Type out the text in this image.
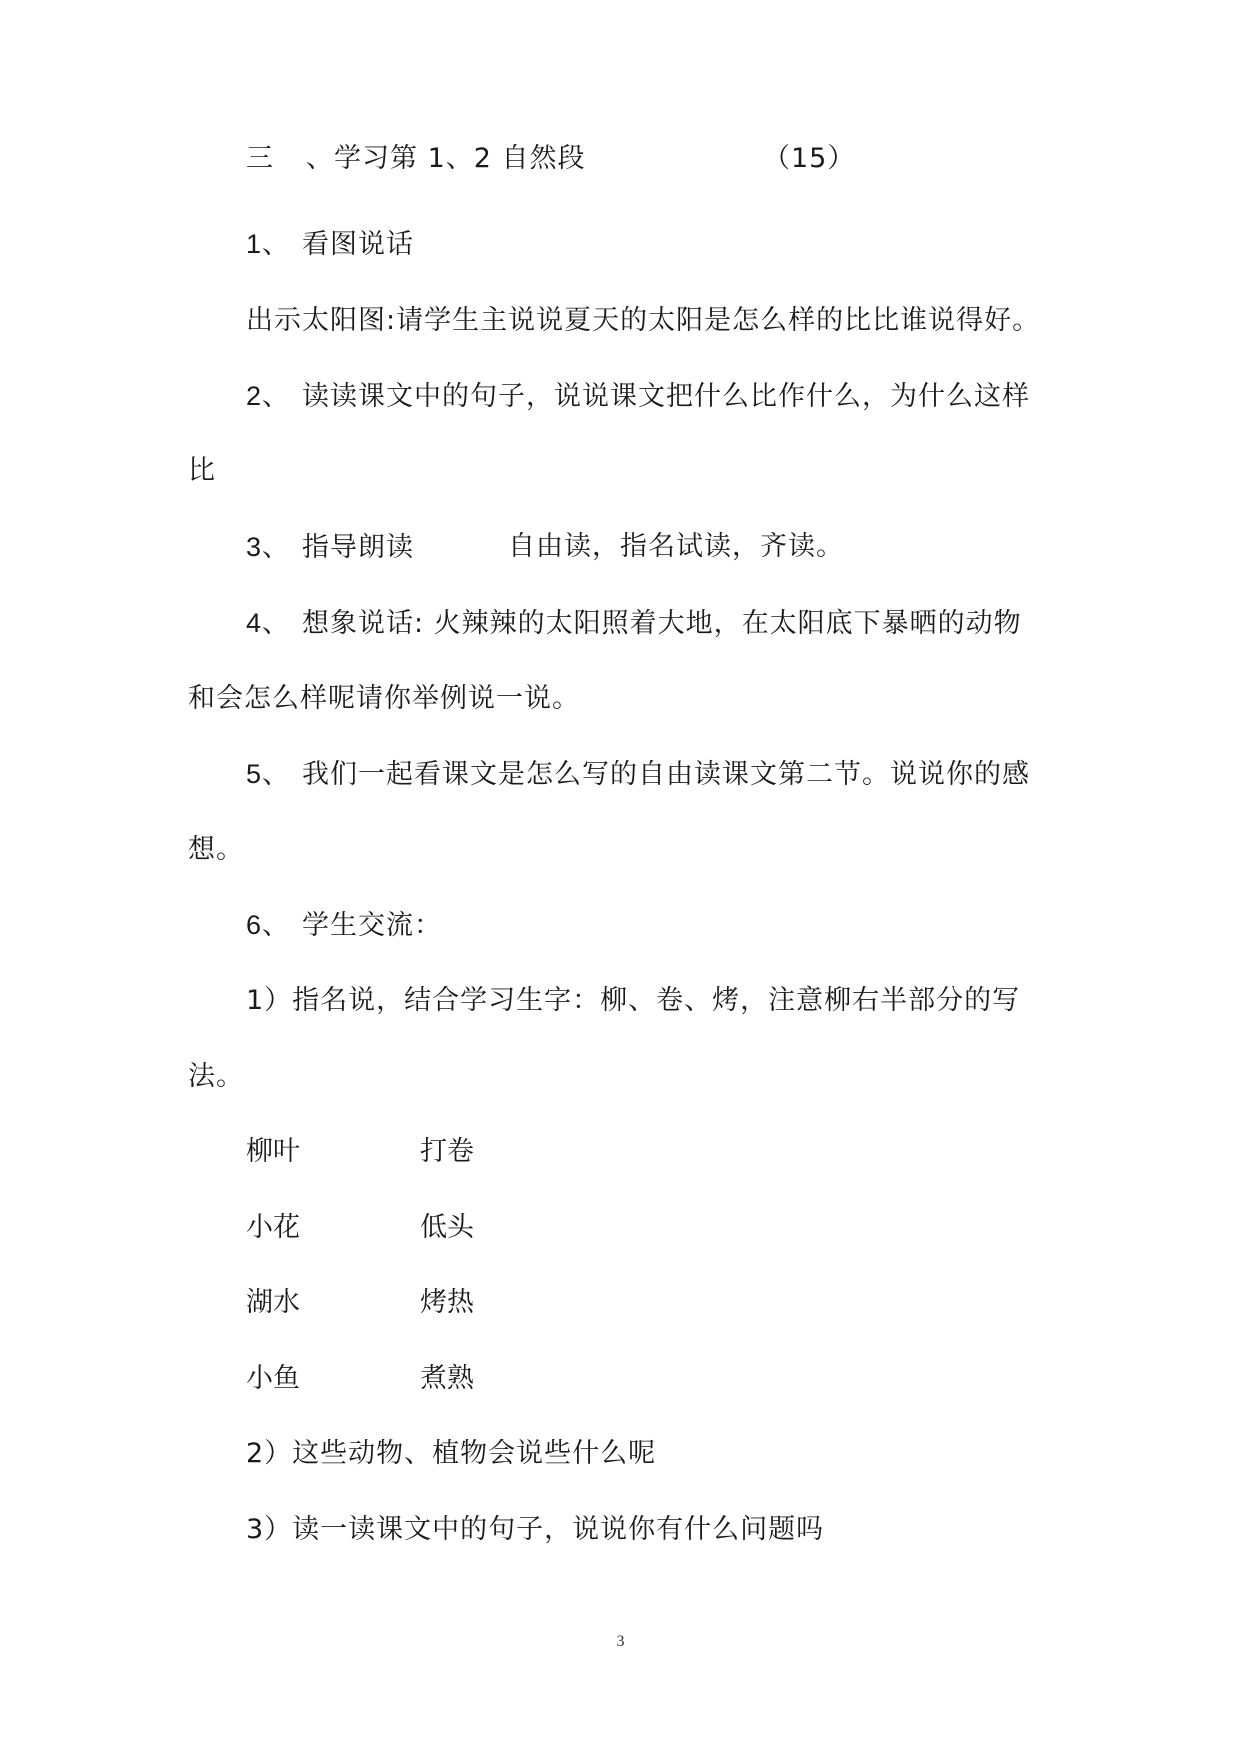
三 、学习第 1、2 自然段	（15）
1、 看图说话
出示太阳图:请学生主说说夏天的太阳是怎么样的比比谁说得好。
2、 读读课文中的句子，说说课文把什么比作什么，为什么这样
比
3、 指导朗读	自由读，指名试读，齐读。
4、 想象说话: 火辣辣的太阳照着大地，在太阳底下暴晒的动物
和会怎么样呢请你举例说一说。
5、 我们一起看课文是怎么写的自由读课文第二节。说说你的感
想。
6、 学生交流：
1）指名说，结合学习生字：柳、卷、烤，注意柳右半部分的写
法。
柳叶	打卷
小花	低头
湖水	烤热
小鱼	煮熟
2）这些动物、植物会说些什么呢
3）读一读课文中的句子，说说你有什么问题吗
3
